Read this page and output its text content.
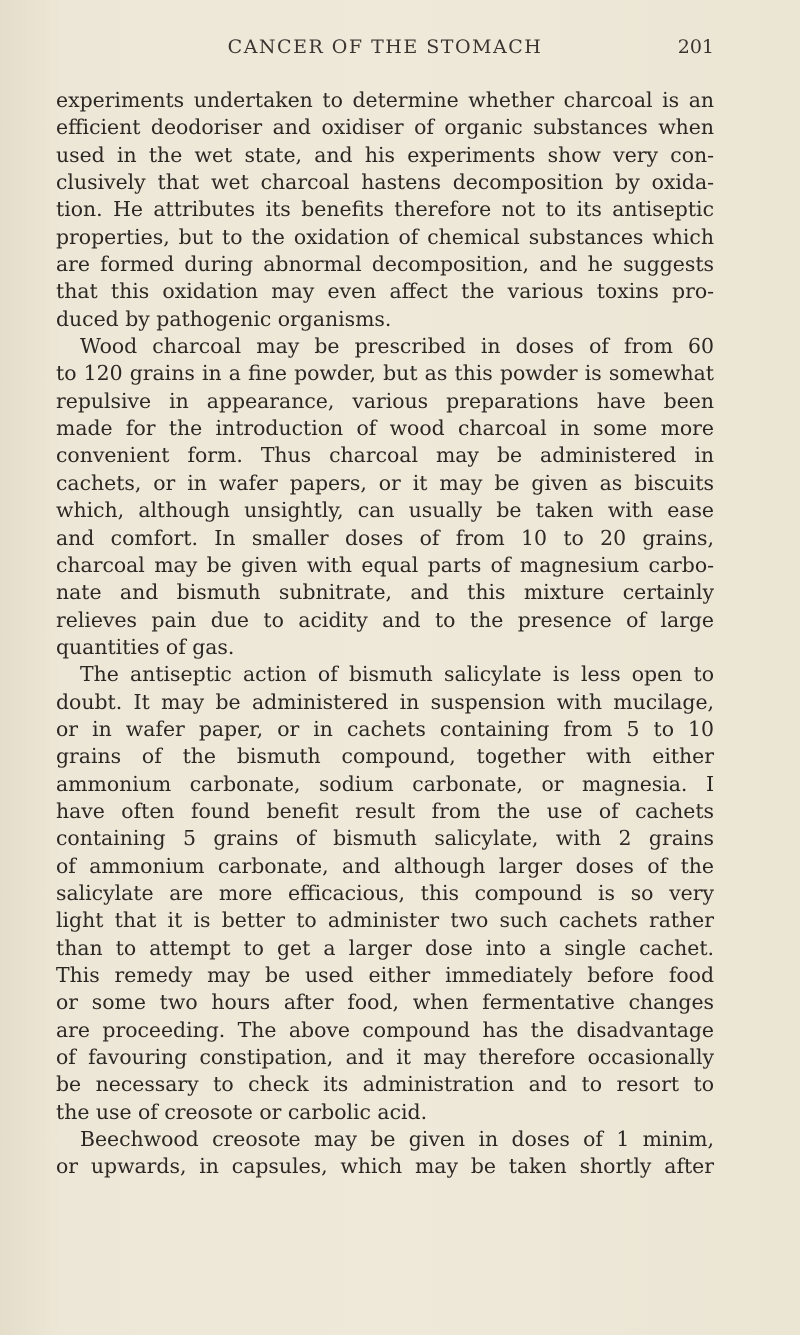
CANCER OF THE STOMACH	201
experiments undertaken to determine whether charcoal is an
efficient deodoriser and oxidiser of organic substances when
used in the wet state, and his experiments show very con-
clusively that wet charcoal hastens decomposition by oxida-
tion. He attributes its benefits therefore not to its antiseptic
properties, but to the oxidation of chemical substances which
are formed during abnormal decomposition, and he suggests
that this oxidation may even affect the various toxins pro-
duced by pathogenic organisms.
Wood charcoal may be prescribed in doses of from 60
to 120 grains in a fine powder, but as this powder is somewhat
repulsive in appearance, various preparations have been
made for the introduction of wood charcoal in some more
convenient form. Thus charcoal may be administered in
cachets, or in wafer papers, or it may be given as biscuits
which, although unsightly, can usually be taken with ease
and comfort. In smaller doses of from 10 to 20 grains,
charcoal may be given with equal parts of magnesium carbo-
nate and bismuth subnitrate, and this mixture certainly
relieves pain due to acidity and to the presence of large
quantities of gas.
The antiseptic action of bismuth salicylate is less open to
doubt. It may be administered in suspension with mucilage,
or in wafer paper, or in cachets containing from 5 to 10
grains of the bismuth compound, together with either
ammonium carbonate, sodium carbonate, or magnesia. I
have often found benefit result from the use of cachets
containing 5 grains of bismuth salicylate, with 2 grains
of ammonium carbonate, and although larger doses of the
salicylate are more efficacious, this compound is so very
light that it is better to administer two such cachets rather
than to attempt to get a larger dose into a single cachet.
This remedy may be used either immediately before food
or some two hours after food, when fermentative changes
are proceeding. The above compound has the disadvantage
of favouring constipation, and it may therefore occasionally
be necessary to check its administration and to resort to
the use of creosote or carbolic acid.
Beechwood creosote may be given in doses of 1 minim,
or upwards, in capsules, which may be taken shortly after
